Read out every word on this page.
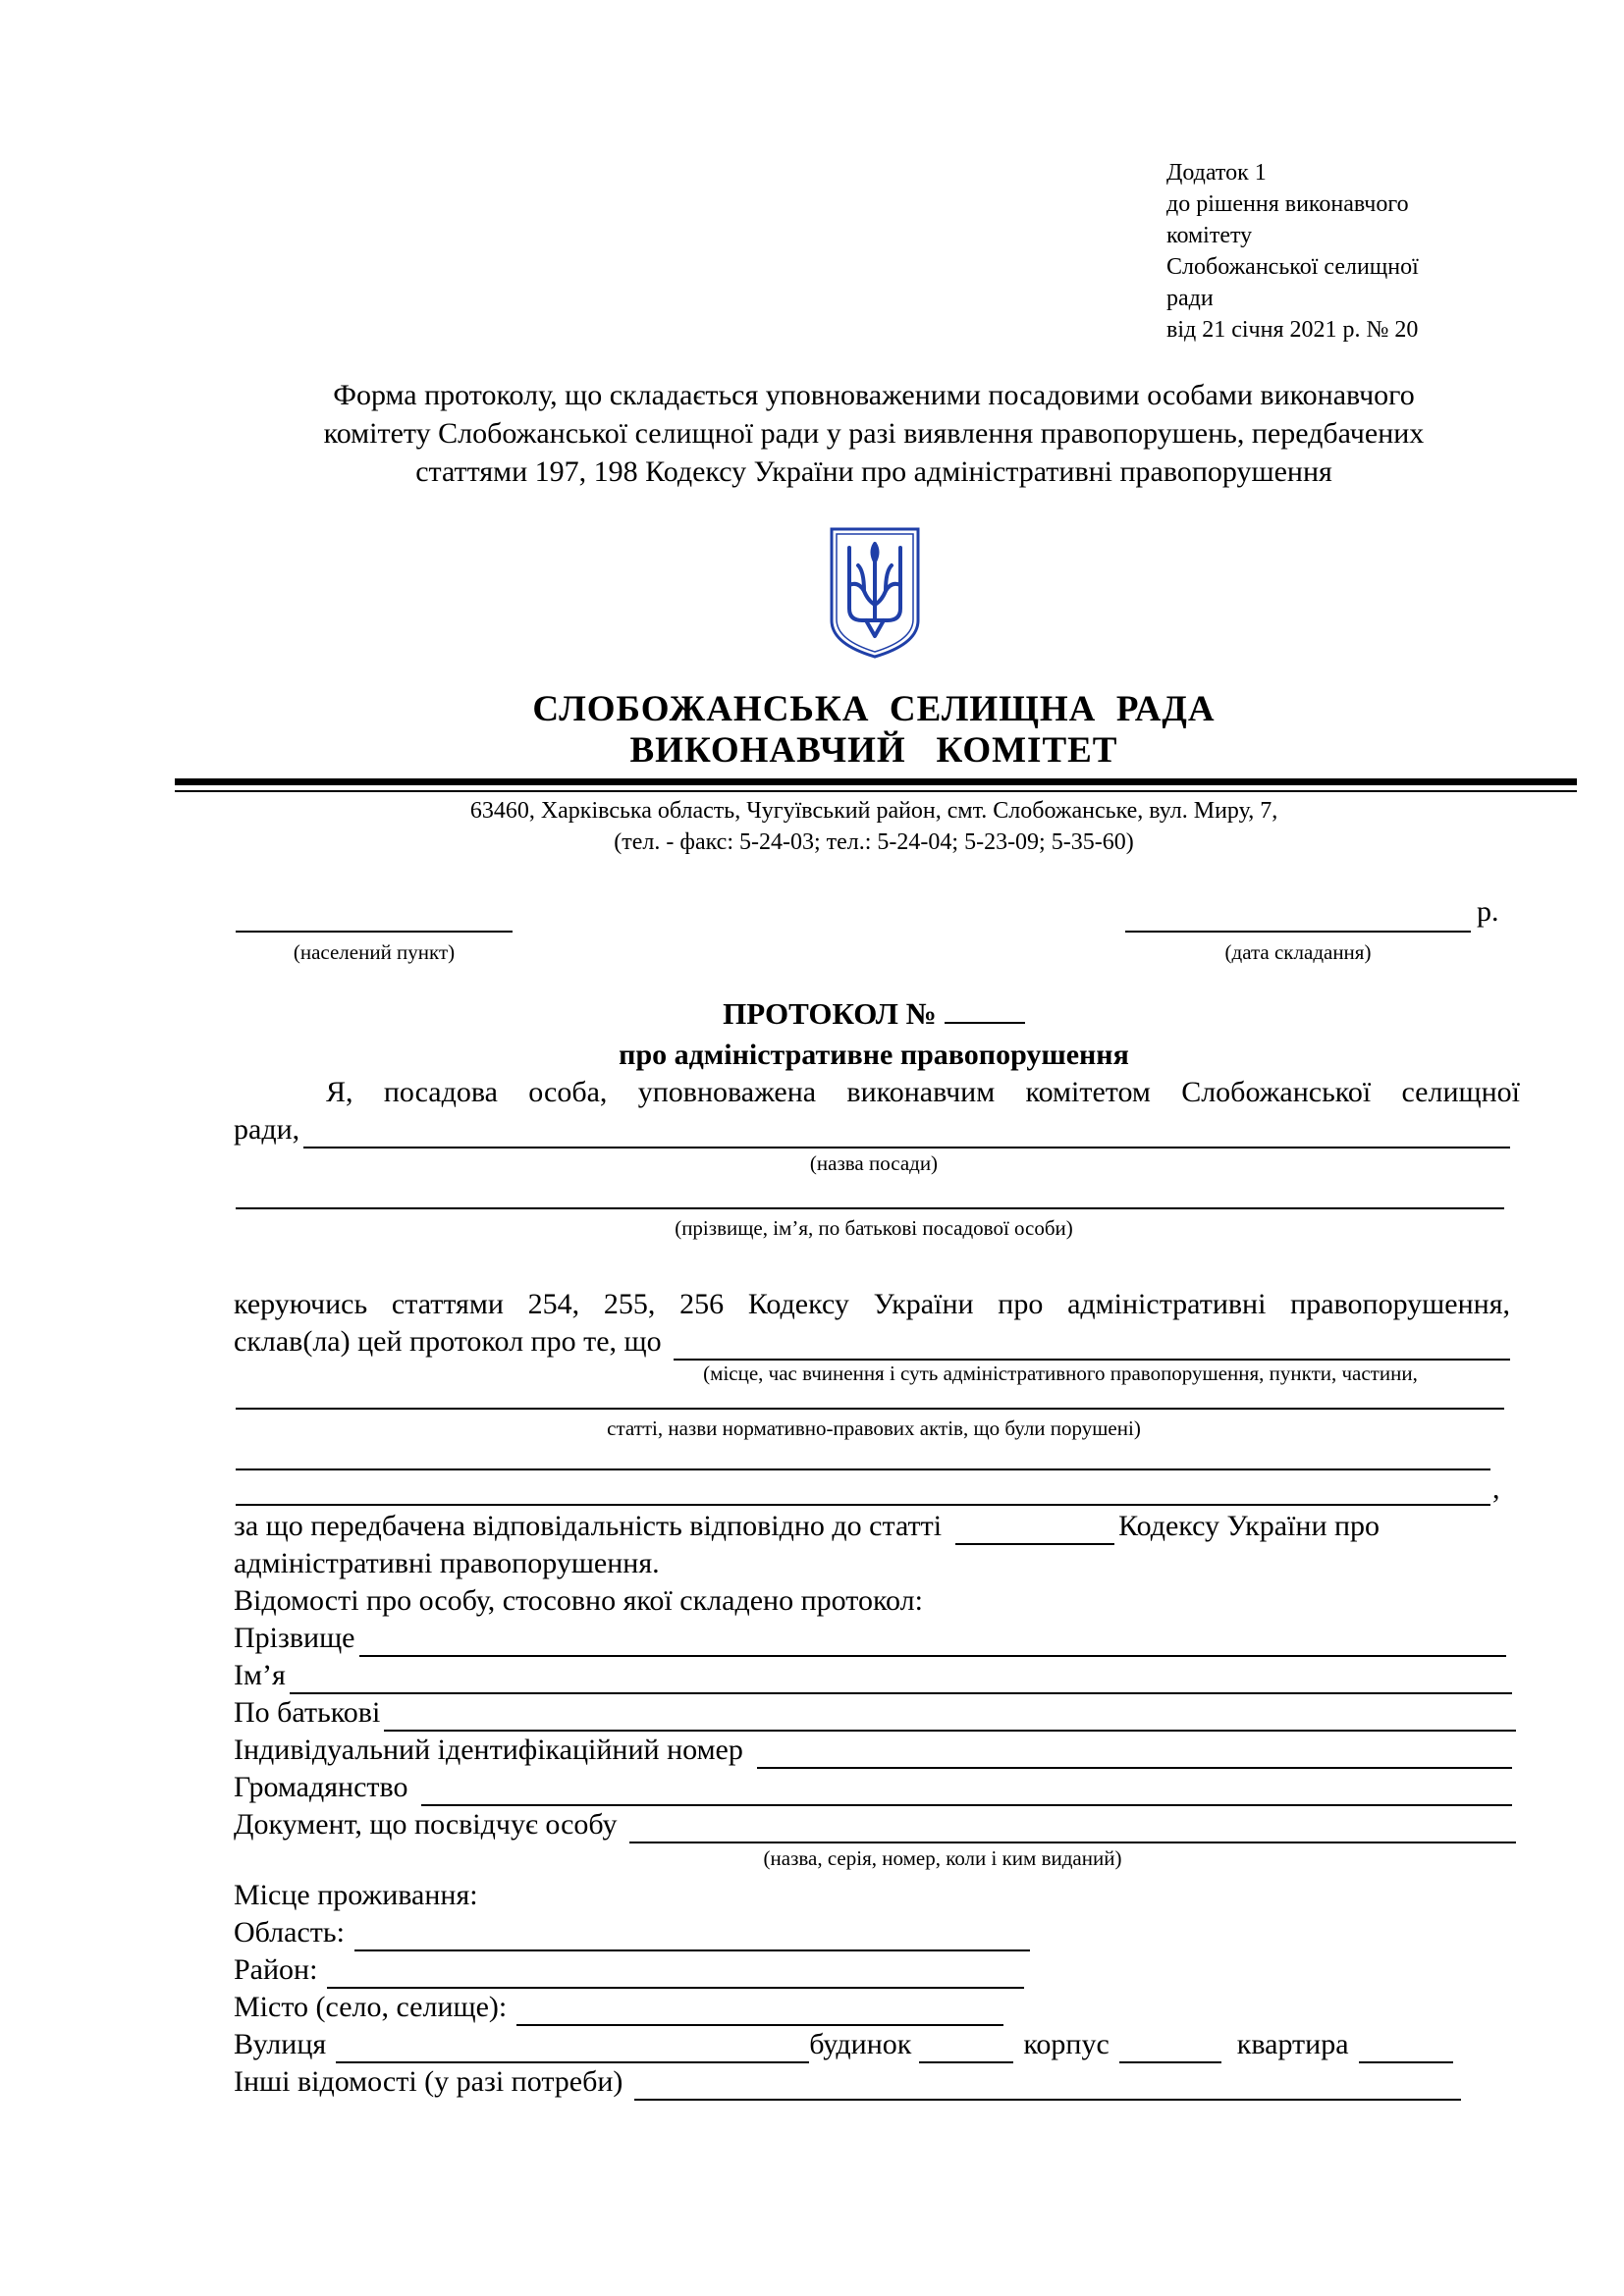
Додаток 1
до рішення виконавчого
комітету
Слобожанської селищної
ради
від 21 січня 2021 р. № 20
Форма протоколу, що складається уповноваженими посадовими особами виконавчого
комітету Слобожанської селищної ради у разі виявлення правопорушень, передбачених
статтями 197, 198 Кодексу України про адміністративні правопорушення
СЛОБОЖАНСЬКА  СЕЛИЩНА  РАДА
ВИКОНАВЧИЙ   КОМІТЕТ
63460, Харківська область, Чугуївський район, смт. Слобожанське, вул. Миру, 7,
(тел. - факс: 5-24-03; тел.: 5-24-04; 5-23-09; 5-35-60)
р.
(населений пункт)	(дата складання)
ПРОТОКОЛ №
про адміністративне правопорушення
Я, посадова особа, уповноважена виконавчим комітетом Слобожанської селищної
ради,
(назва посади)
(прізвище, ім’я, по батькові посадової особи)
керуючись статтями 254, 255, 256 Кодексу України про адміністративні правопорушення,
склав(ла) цей протокол про те, що
(місце, час вчинення і суть адміністративного правопорушення, пункти, частини,
статті, назви нормативно-правових актів, що були порушені)
,
за що передбачена відповідальність відповідно до статті	Кодексу України про
адміністративні правопорушення.
Відомості про особу, стосовно якої складено протокол:
Прізвище
Ім’я
По батькові
Індивідуальний ідентифікаційний номер
Громадянство
Документ, що посвідчує особу
(назва, серія, номер, коли і ким виданий)
Місце проживання:
Область:
Район:
Місто (село, селище):
Вулиця	будинок	корпус	квартира
Інші відомості (у разі потреби)
